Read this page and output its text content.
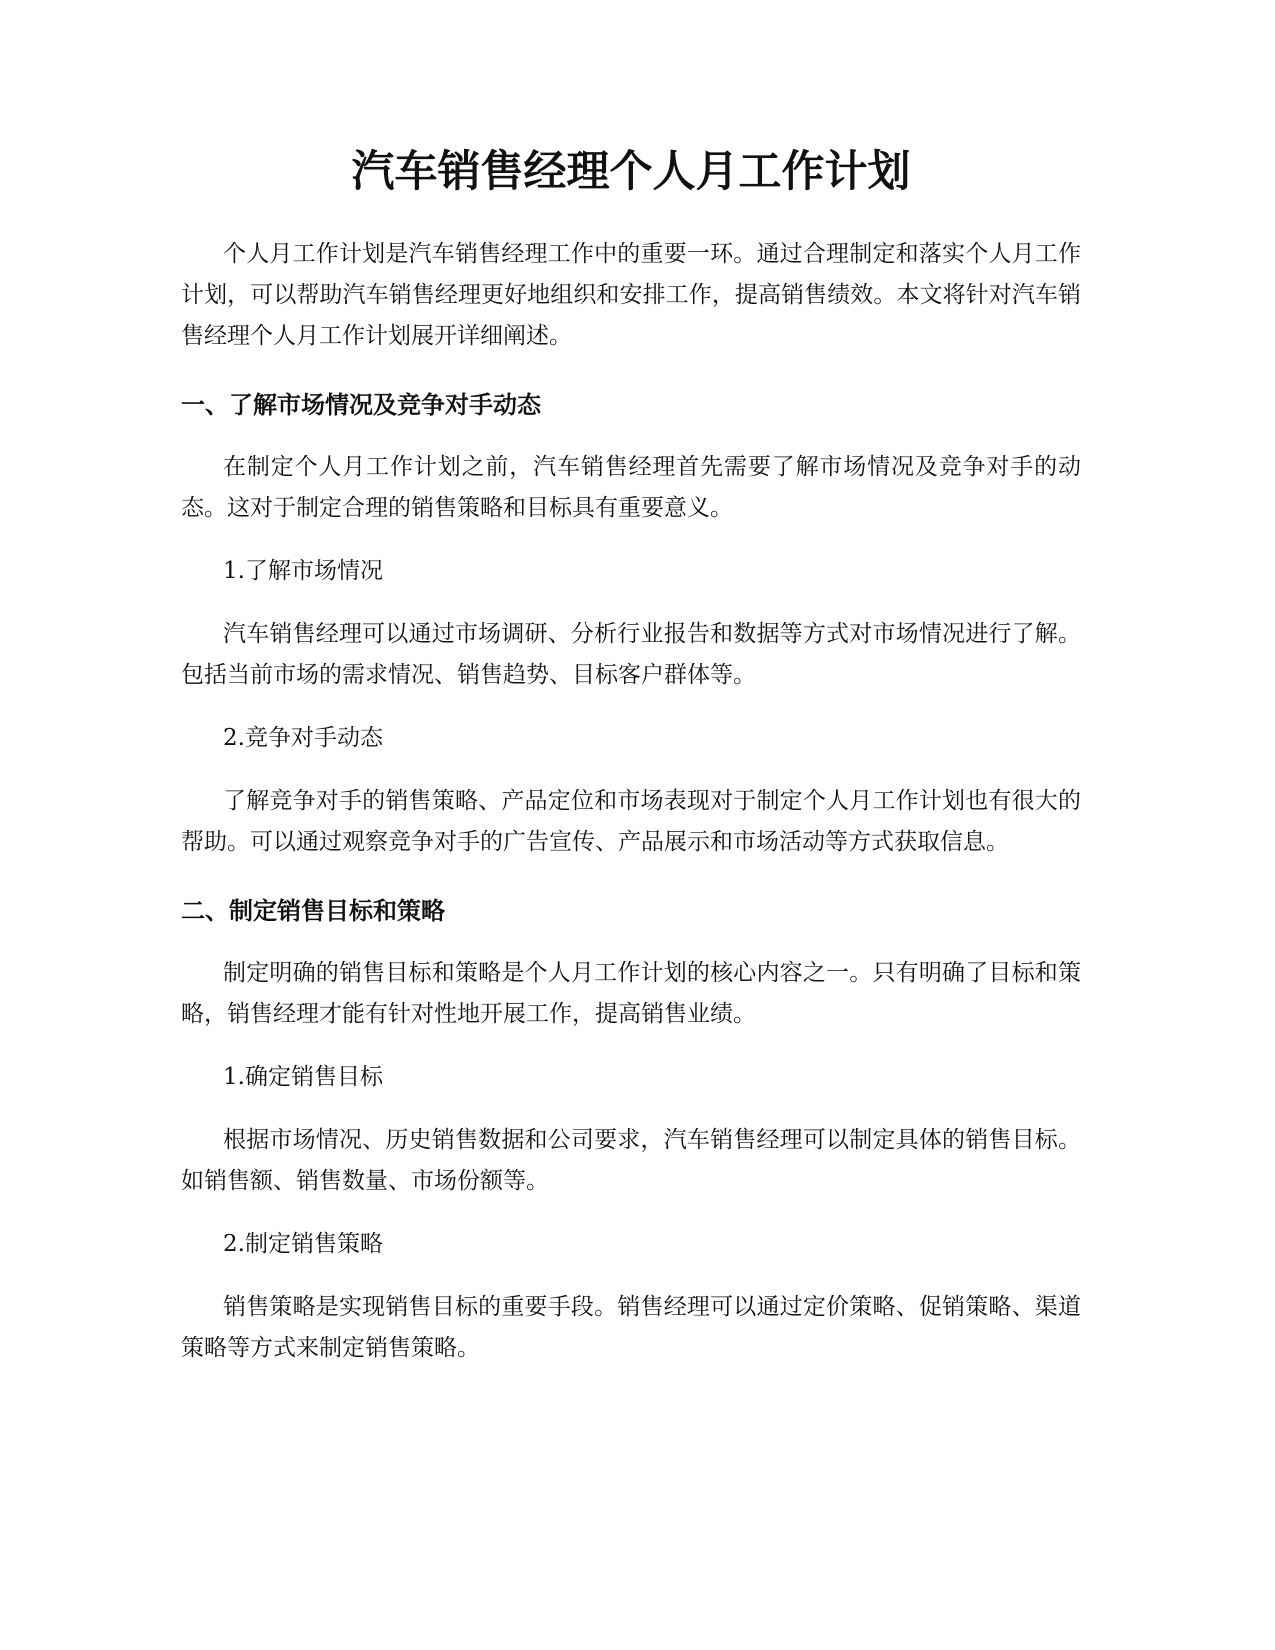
汽车销售经理个人月工作计划

个人月工作计划是汽车销售经理工作中的重要一环。通过合理制定和落实个人月工作计划，可以帮助汽车销售经理更好地组织和安排工作，提高销售绩效。本文将针对汽车销售经理个人月工作计划展开详细阐述。

一、了解市场情况及竞争对手动态

在制定个人月工作计划之前，汽车销售经理首先需要了解市场情况及竞争对手的动态。这对于制定合理的销售策略和目标具有重要意义。

1.了解市场情况

汽车销售经理可以通过市场调研、分析行业报告和数据等方式对市场情况进行了解。包括当前市场的需求情况、销售趋势、目标客户群体等。

2.竞争对手动态

了解竞争对手的销售策略、产品定位和市场表现对于制定个人月工作计划也有很大的帮助。可以通过观察竞争对手的广告宣传、产品展示和市场活动等方式获取信息。

二、制定销售目标和策略

制定明确的销售目标和策略是个人月工作计划的核心内容之一。只有明确了目标和策略，销售经理才能有针对性地开展工作，提高销售业绩。

1.确定销售目标

根据市场情况、历史销售数据和公司要求，汽车销售经理可以制定具体的销售目标。如销售额、销售数量、市场份额等。

2.制定销售策略

销售策略是实现销售目标的重要手段。销售经理可以通过定价策略、促销策略、渠道策略等方式来制定销售策略。
